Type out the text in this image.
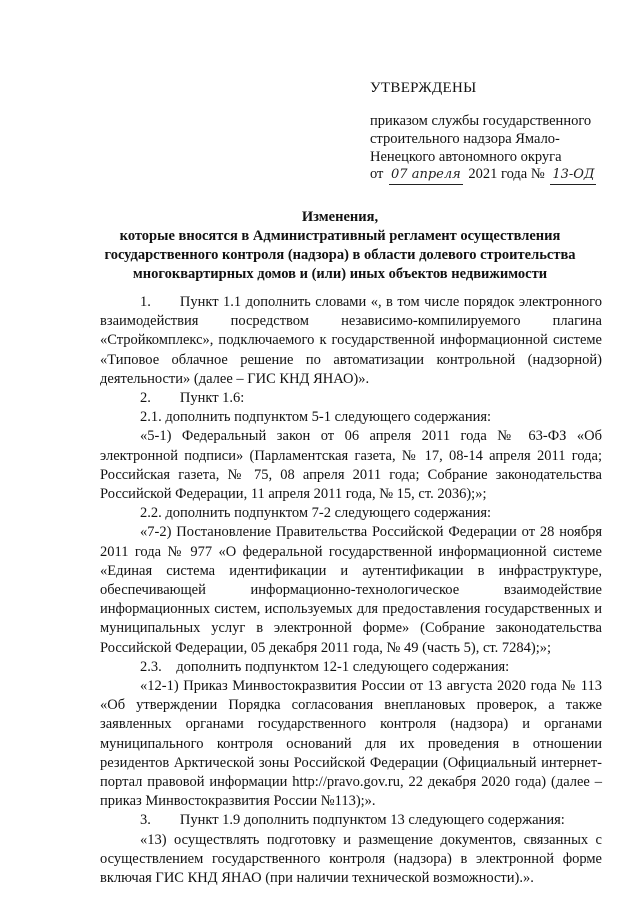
УТВЕРЖДЕНЫ
приказом службы государственного
строительного надзора Ямало-
Ненецкого автономного округа
от 07 апреля 2021 года № 13-ОД
Изменения,
которые вносятся в Административный регламент осуществления
государственного контроля (надзора) в области долевого строительства
многоквартирных домов и (или) иных объектов недвижимости

1.  Пункт 1.1 дополнить словами «, в том числе порядок электронного взаимодействия посредством независимо-компилируемого плагина «Стройкомплекс», подключаемого к государственной информационной системе «Типовое облачное решение по автоматизации контрольной (надзорной) деятельности» (далее – ГИС КНД ЯНАО)».

2.  Пункт 1.6:

2.1. дополнить подпунктом 5-1 следующего содержания:

«5-1) Федеральный закон от 06 апреля 2011 года № 63-ФЗ «Об электронной подписи» (Парламентская газета, № 17, 08-14 апреля 2011 года; Российская газета, № 75, 08 апреля 2011 года; Собрание законодательства Российской Федерации, 11 апреля 2011 года, № 15, ст. 2036);»;

2.2. дополнить подпунктом 7-2 следующего содержания:

«7-2) Постановление Правительства Российской Федерации от 28 ноября 2011 года № 977 «О федеральной государственной информационной системе «Единая система идентификации и аутентификации в инфраструктуре, обеспечивающей информационно-технологическое взаимодействие информационных систем, используемых для предоставления государственных и муниципальных услуг в электронной форме» (Собрание законодательства Российской Федерации, 05 декабря 2011 года, № 49 (часть 5), ст. 7284);»;

2.3. дополнить подпунктом 12-1 следующего содержания:

«12-1) Приказ Минвостокразвития России от 13 августа 2020 года № 113 «Об утверждении Порядка согласования внеплановых проверок, а также заявленных органами государственного контроля (надзора) и органами муниципального контроля оснований для их проведения в отношении резидентов Арктической зоны Российской Федерации (Официальный интернет-портал правовой информации http://pravo.gov.ru, 22 декабря 2020 года) (далее – приказ Минвостокразвития России №113);».

3.  Пункт 1.9 дополнить подпунктом 13 следующего содержания:

«13) осуществлять подготовку и размещение документов, связанных с осуществлением государственного контроля (надзора) в электронной форме включая ГИС КНД ЯНАО (при наличии технической возможности).».
